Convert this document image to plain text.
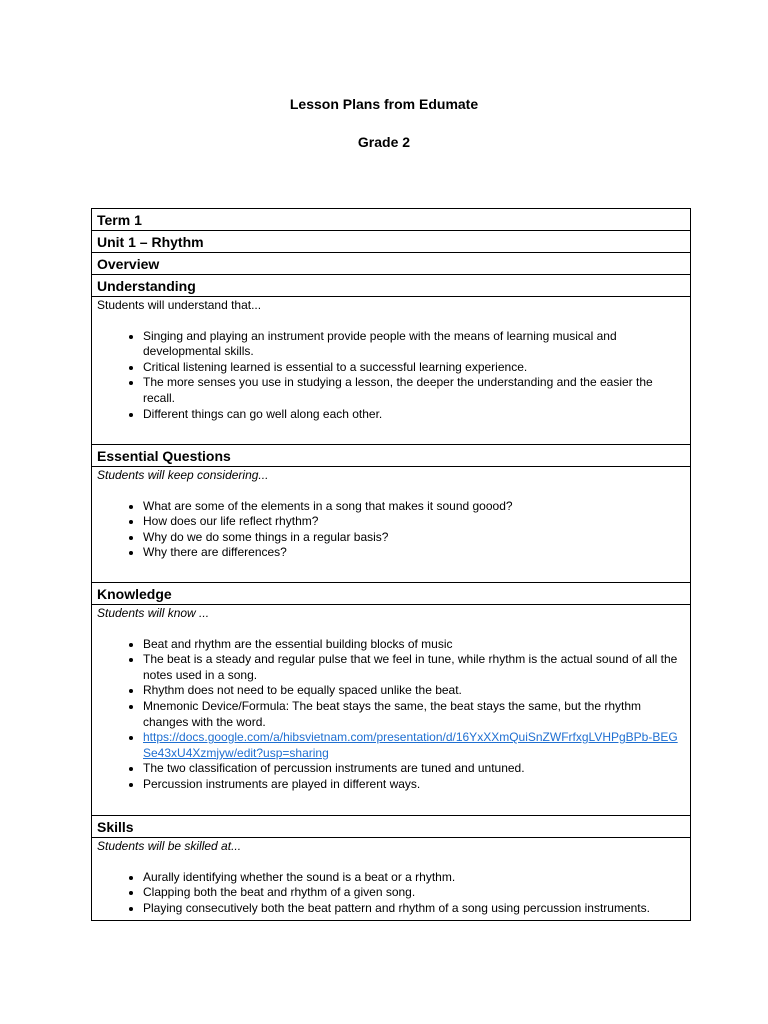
Lesson Plans from Edumate
Grade 2
Term 1
Unit 1 – Rhythm
Overview
Understanding
Students will understand that...
• Singing and playing an instrument provide people with the means of learning musical and developmental skills.
• Critical listening learned is essential to a successful learning experience.
• The more senses you use in studying a lesson, the deeper the understanding and the easier the recall.
• Different things can go well along each other.
Essential Questions
Students will keep considering...
• What are some of the elements in a song that makes it sound goood?
• How does our life reflect rhythm?
• Why do we do some things in a regular basis?
• Why there are differences?
Knowledge
Students will know ...
• Beat and rhythm are the essential building blocks of music
• The beat is a steady and regular pulse that we feel in tune, while rhythm is the actual sound of all the notes used in a song.
• Rhythm does not need to be equally spaced unlike the beat.
• Mnemonic Device/Formula: The beat stays the same, the beat stays the same, but the rhythm changes with the word.
• https://docs.google.com/a/hibsvietnam.com/presentation/d/16YxXXmQuiSnZWFrfxgLVHPgBPb-BEGSe43xU4Xzmjyw/edit?usp=sharing
• The two classification of percussion instruments are tuned and untuned.
• Percussion instruments are played in different ways.
Skills
Students will be skilled at...
• Aurally identifying whether the sound is a beat or a rhythm.
• Clapping both the beat and rhythm of a given song.
• Playing consecutively both the beat pattern and rhythm of a song using percussion instruments.
